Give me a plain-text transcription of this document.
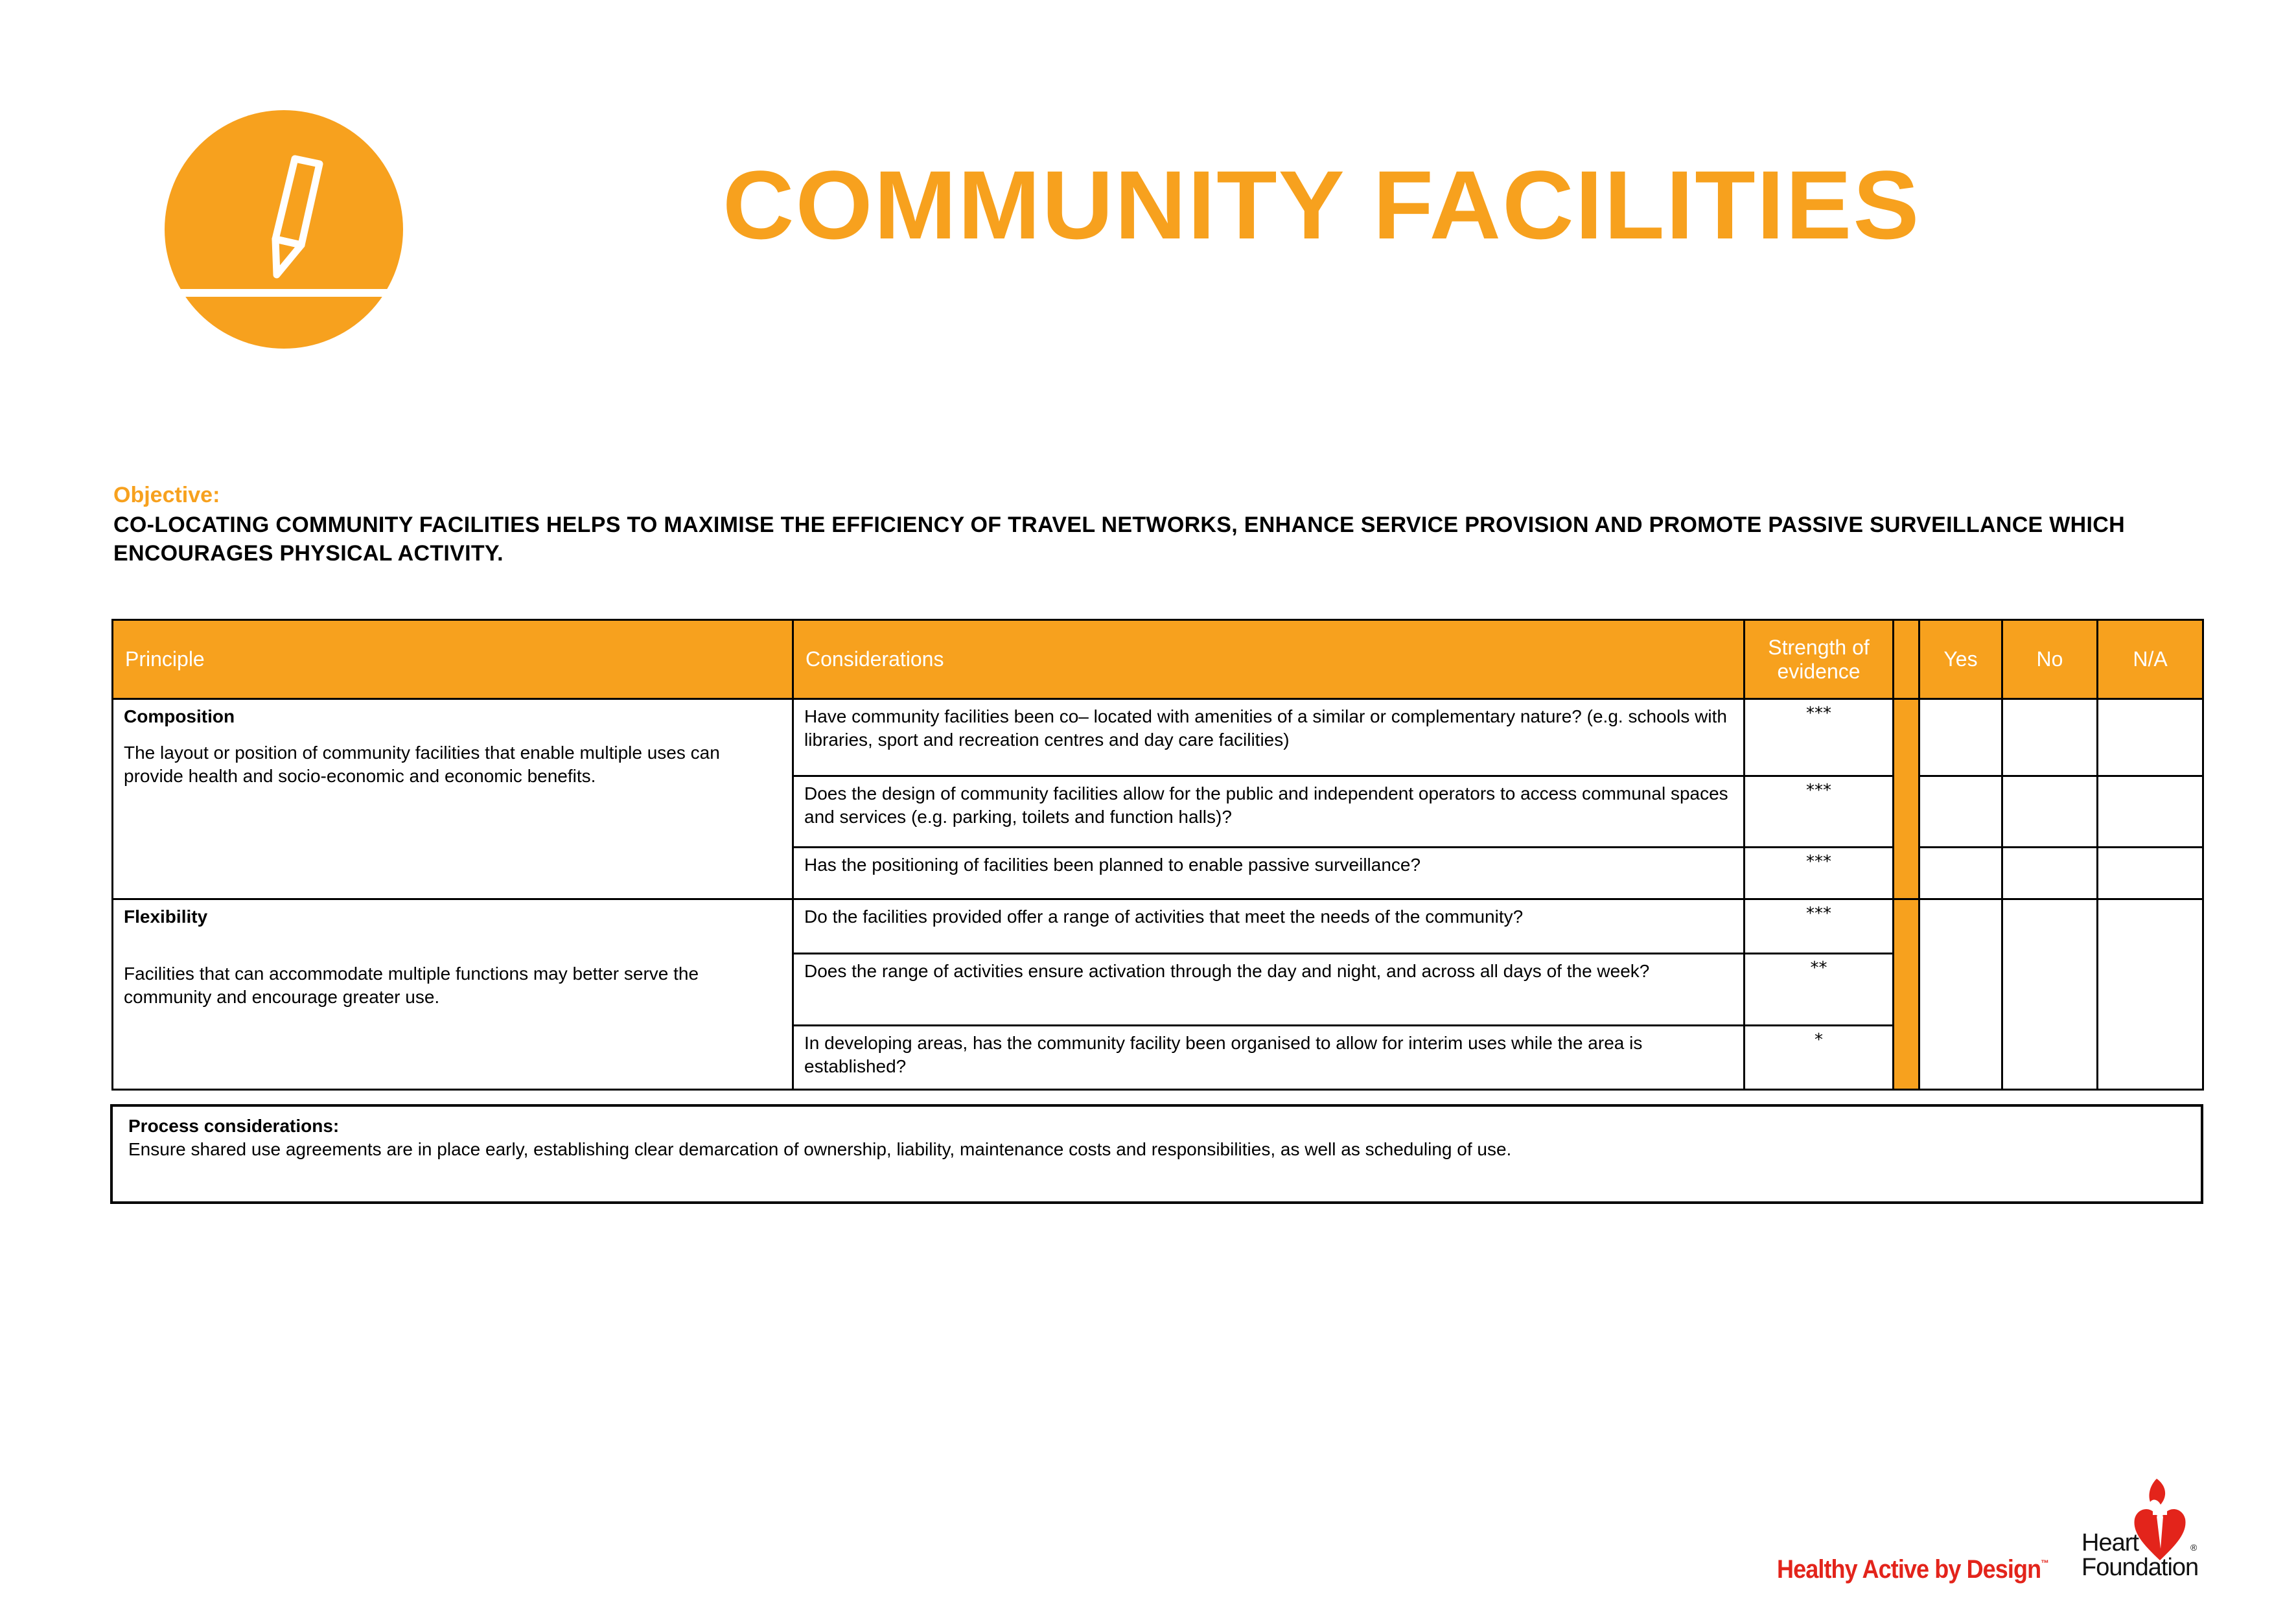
COMMUNITY FACILITIES
Objective:
CO-LOCATING COMMUNITY FACILITIES HELPS TO MAXIMISE THE EFFICIENCY OF TRAVEL NETWORKS, ENHANCE SERVICE PROVISION AND PROMOTE PASSIVE SURVEILLANCE WHICH ENCOURAGES PHYSICAL ACTIVITY.
Principle	Considerations	Strength of evidence		Yes	No	N/A

Composition
The layout or position of community facilities that enable multiple uses can provide health and socio-economic and economic benefits.	Have community facilities been co– located with amenities of a similar or complementary nature? (e.g. schools with libraries, sport and recreation centres and day care facilities)	***				
	Does the design of community facilities allow for the public and independent operators to access communal spaces and services (e.g. parking, toilets and function halls)?	***				
	Has the positioning of facilities been planned to enable passive surveillance?	***				

Flexibility
Facilities that can accommodate multiple functions may better serve the community and encourage greater use.	Do the facilities provided offer a range of activities that meet the needs of the community?	***				
	Does the range of activities ensure activation through the day and night, and across all days of the week?	**				
	In developing areas, has the community facility been organised to allow for interim uses while the area is established?	*				
Process considerations:
Ensure shared use agreements are in place early, establishing clear demarcation of ownership, liability, maintenance costs and responsibilities, as well as scheduling of use.
Healthy Active by Design™
®
Heart
Foundation
